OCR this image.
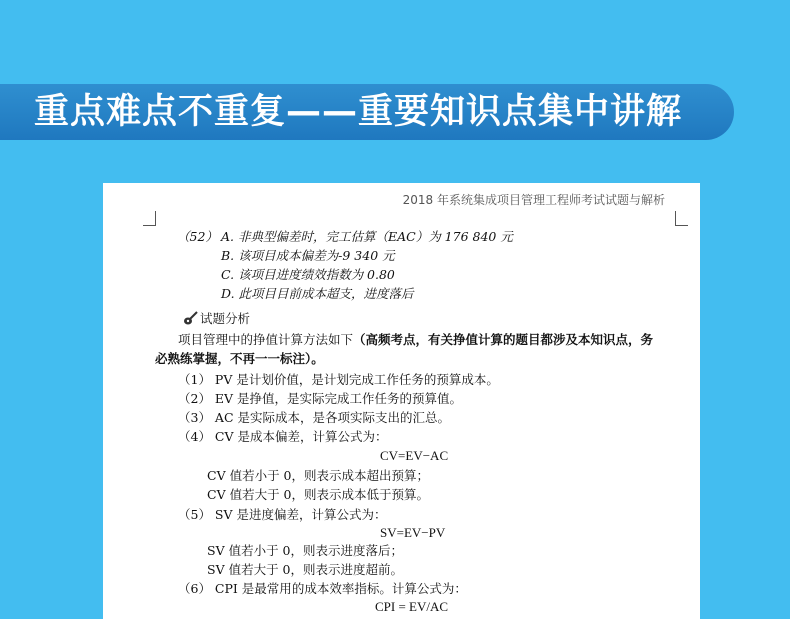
重点难点不重复——重要知识点集中讲解
2018 年系统集成项目管理工程师考试试题与解析
（52） A. 非典型偏差时，完工估算（EAC）为 176 840 元
B. 该项目成本偏差为-9 340 元
C. 该项目进度绩效指数为 0.80
D. 此项目目前成本超支，进度落后
试题分析
项目管理中的挣值计算方法如下（高频考点，有关挣值计算的题目都涉及本知识点，务
必熟练掌握，不再一一标注）。
（1） PV 是计划价值，是计划完成工作任务的预算成本。
（2） EV 是挣值，是实际完成工作任务的预算值。
（3） AC 是实际成本，是各项实际支出的汇总。
（4） CV 是成本偏差，计算公式为：
CV=EV−AC
CV 值若小于 0，则表示成本超出预算；
CV 值若大于 0，则表示成本低于预算。
（5） SV 是进度偏差，计算公式为：
SV=EV−PV
SV 值若小于 0，则表示进度落后；
SV 值若大于 0，则表示进度超前。
（6） CPI 是最常用的成本效率指标。计算公式为：
CPI = EV/AC
